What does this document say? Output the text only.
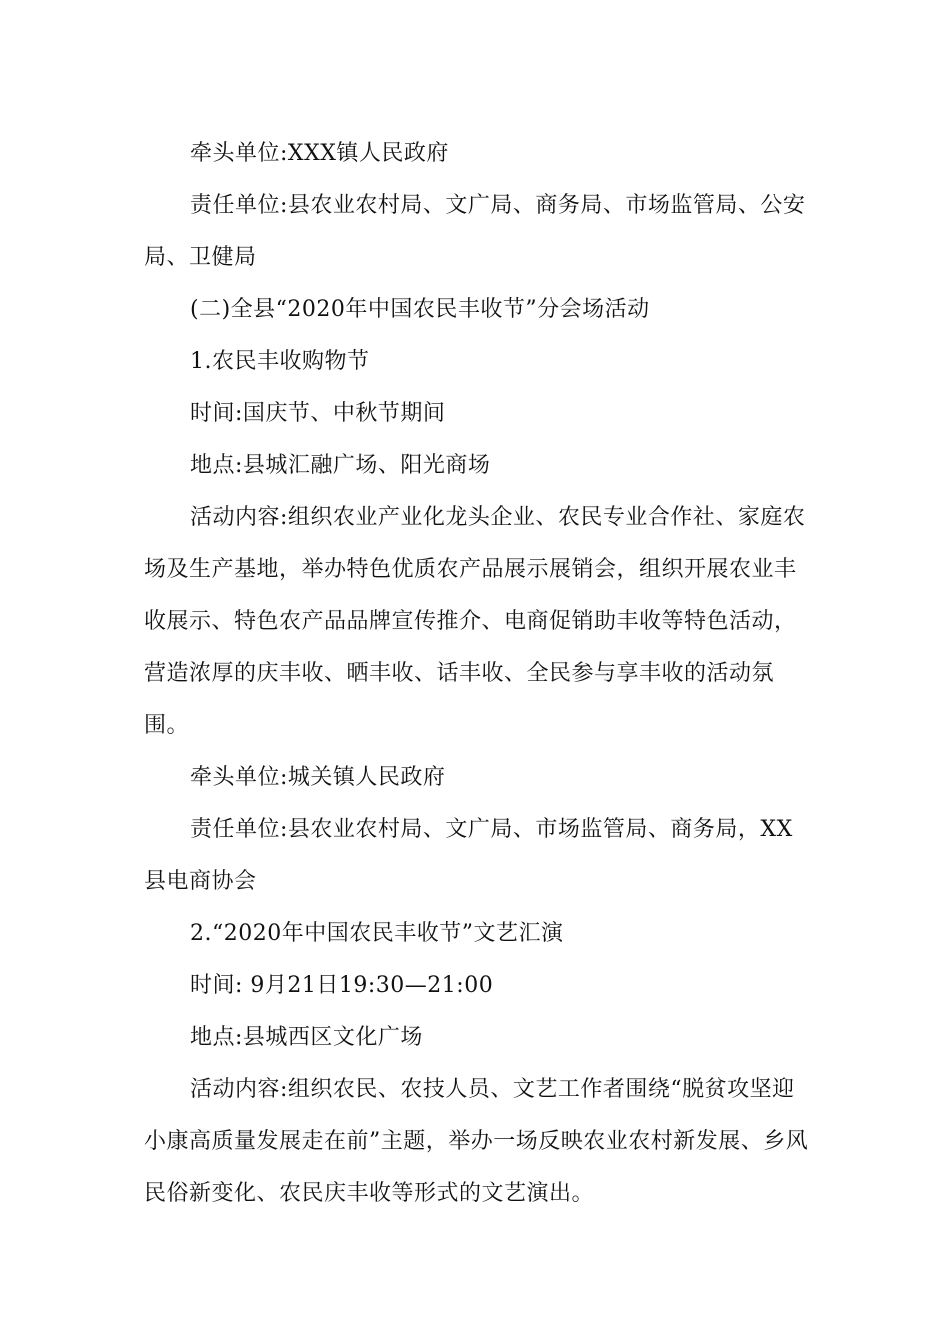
牵头单位:XXX镇人民政府

责任单位:县农业农村局、文广局、商务局、市场监管局、公安局、卫健局

(二)全县“2020年中国农民丰收节”分会场活动

1.农民丰收购物节

时间:国庆节、中秋节期间

地点:县城汇融广场、阳光商场

活动内容:组织农业产业化龙头企业、农民专业合作社、家庭农场及生产基地，举办特色优质农产品展示展销会，组织开展农业丰收展示、特色农产品品牌宣传推介、电商促销助丰收等特色活动，营造浓厚的庆丰收、晒丰收、话丰收、全民参与享丰收的活动氛围。

牵头单位:城关镇人民政府

责任单位:县农业农村局、文广局、市场监管局、商务局，XX县电商协会

2.“2020年中国农民丰收节”文艺汇演

时间: 9月21日19:30—21:00

地点:县城西区文化广场

活动内容:组织农民、农技人员、文艺工作者围绕“脱贫攻坚迎小康高质量发展走在前”主题，举办一场反映农业农村新发展、乡风民俗新变化、农民庆丰收等形式的文艺演出。
